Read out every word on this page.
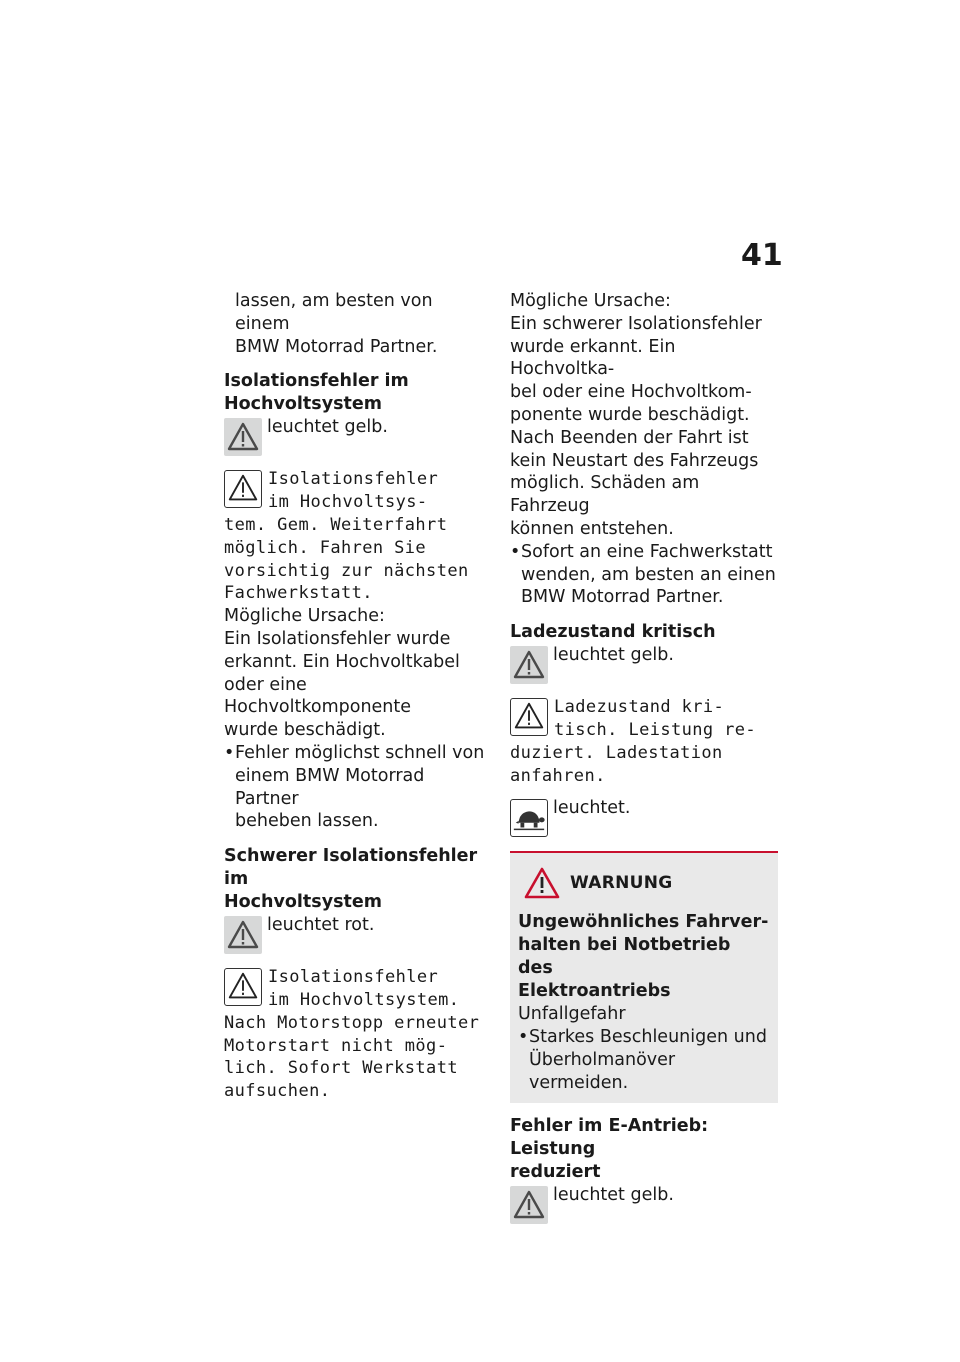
41

lassen, am besten von einem

BMW Motorrad Partner.

Isolationsfehler im
Hochvoltsystem

leuchtet gelb.

Isolationsfehler

im Hochvoltsys-

tem. Gem. Weiterfahrt

möglich. Fahren Sie

vorsichtig zur nächsten

Fachwerkstatt.

Mögliche Ursache:

Ein Isolationsfehler wurde

erkannt. Ein Hochvoltkabel

oder eine Hochvoltkomponente

wurde beschädigt.

• Fehler möglichst schnell von
einem BMW Motorrad Partner
beheben lassen.

Schwerer Isolationsfehler im
Hochvoltsystem

leuchtet rot.

Isolationsfehler

im Hochvoltsystem.

Nach Motorstopp erneuter

Motorstart nicht mög-

lich. Sofort Werkstatt

aufsuchen.

Mögliche Ursache:

Ein schwerer Isolationsfehler

wurde erkannt. Ein Hochvoltka-

bel oder eine Hochvoltkom-

ponente wurde beschädigt.

Nach Beenden der Fahrt ist

kein Neustart des Fahrzeugs

möglich. Schäden am Fahrzeug

können entstehen.

• Sofort an eine Fachwerkstatt
wenden, am besten an einen
BMW Motorrad Partner.

Ladezustand kritisch

leuchtet gelb.

Ladezustand kri-

tisch. Leistung re-

duziert. Ladestation

anfahren.

leuchtet.

WARNUNG

Ungewöhnliches Fahrver-
halten bei Notbetrieb des
Elektroantriebs

Unfallgefahr

• Starkes Beschleunigen und
Überholmanöver vermeiden.

Fehler im E-Antrieb: Leistung
reduziert

leuchtet gelb.
